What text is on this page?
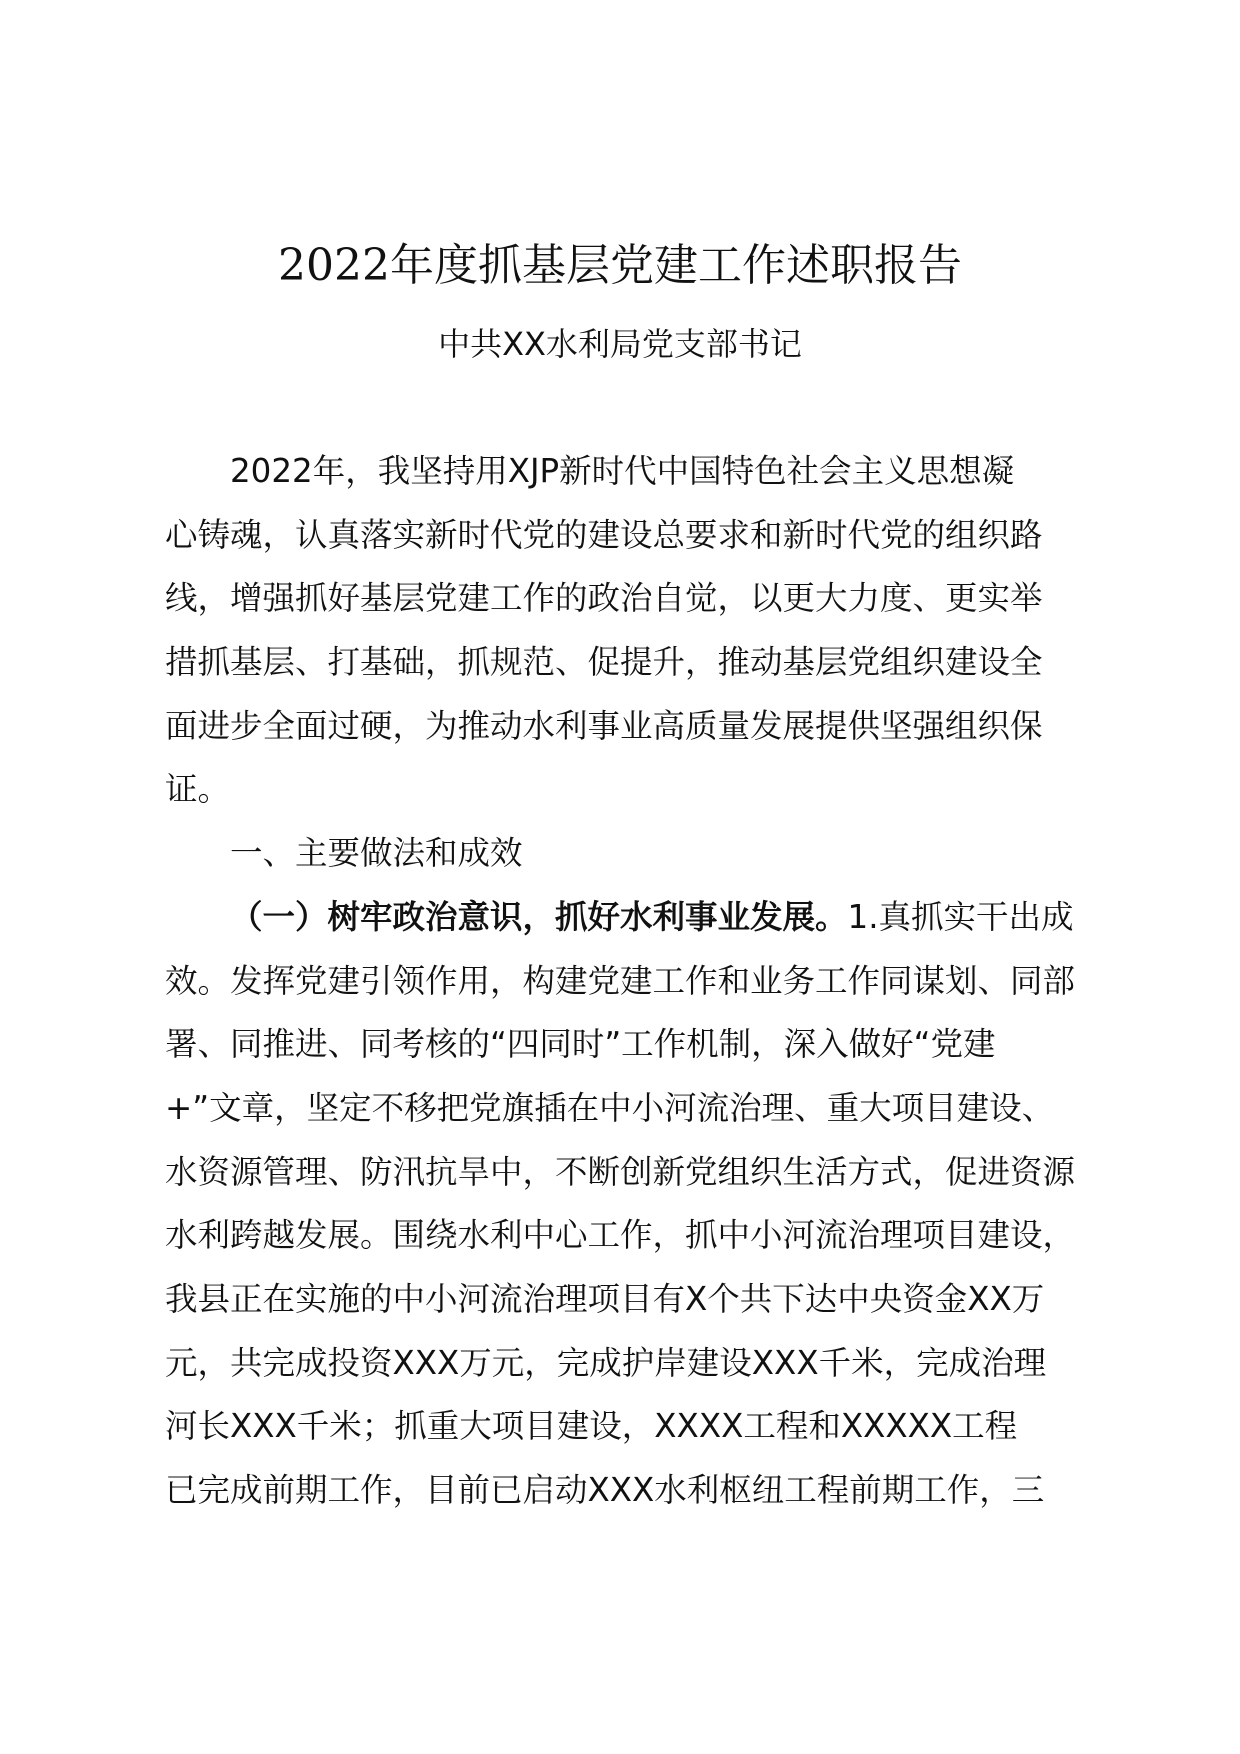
2022年度抓基层党建工作述职报告
中共XX水利局党支部书记
2022年，我坚持用XJP新时代中国特色社会主义思想凝
心铸魂，认真落实新时代党的建设总要求和新时代党的组织路
线，增强抓好基层党建工作的政治自觉，以更大力度、更实举
措抓基层、打基础，抓规范、促提升，推动基层党组织建设全
面进步全面过硬，为推动水利事业高质量发展提供坚强组织保
证。
一、主要做法和成效
（一）树牢政治意识，抓好水利事业发展。1.真抓实干出成
效。发挥党建引领作用，构建党建工作和业务工作同谋划、同部
署、同推进、同考核的“四同时”工作机制，深入做好“党建
+”文章，坚定不移把党旗插在中小河流治理、重大项目建设、
水资源管理、防汛抗旱中，不断创新党组织生活方式，促进资源
水利跨越发展。围绕水利中心工作，抓中小河流治理项目建设，
我县正在实施的中小河流治理项目有X个共下达中央资金XX万
元，共完成投资XXX万元，完成护岸建设XXX千米，完成治理
河长XXX千米；抓重大项目建设，XXXX工程和XXXXX工程
已完成前期工作，目前已启动XXX水利枢纽工程前期工作，三
